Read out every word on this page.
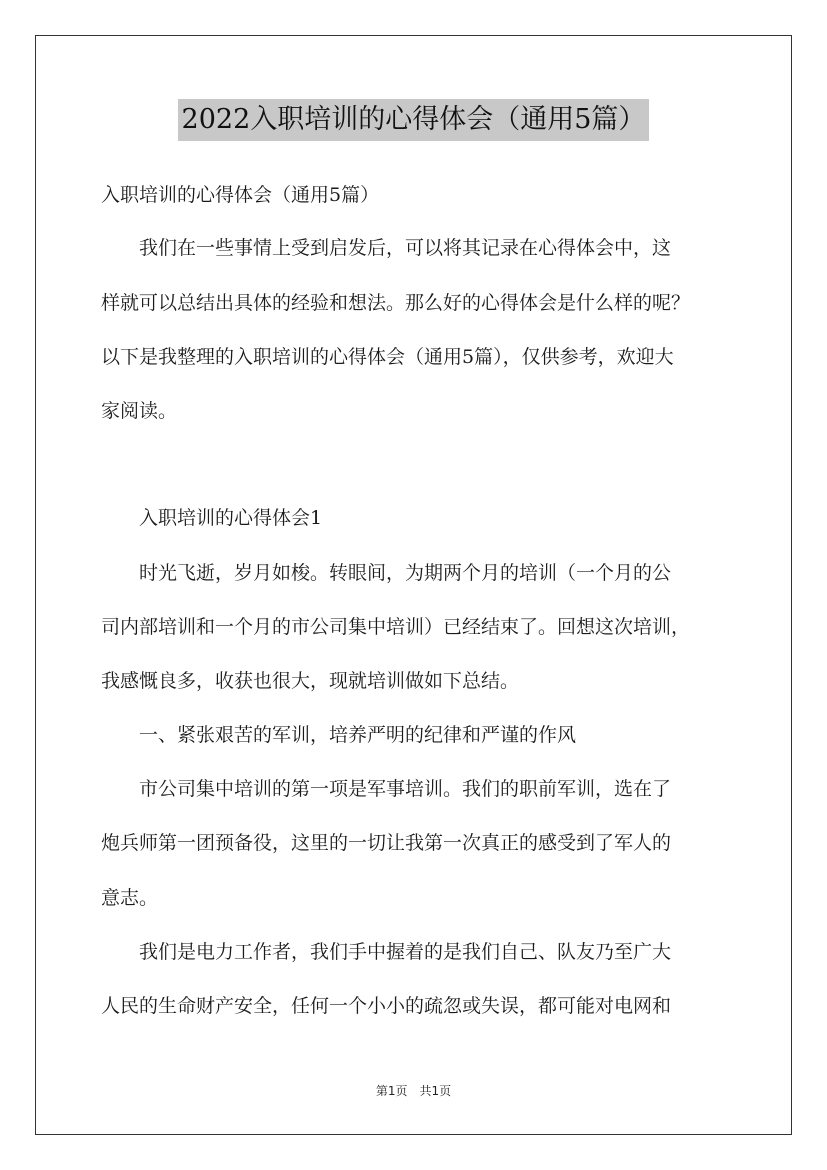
2022入职培训的心得体会（通用5篇）
入职培训的心得体会（通用5篇）
　　我们在一些事情上受到启发后，可以将其记录在心得体会中，这
样就可以总结出具体的经验和想法。那么好的心得体会是什么样的呢？
以下是我整理的入职培训的心得体会（通用5篇），仅供参考，欢迎大
家阅读。
　　入职培训的心得体会1
　　时光飞逝，岁月如梭。转眼间，为期两个月的培训（一个月的公
司内部培训和一个月的市公司集中培训）已经结束了。回想这次培训，
我感慨良多，收获也很大，现就培训做如下总结。
　　一、紧张艰苦的军训，培养严明的纪律和严谨的作风
　　市公司集中培训的第一项是军事培训。我们的职前军训，选在了
炮兵师第一团预备役，这里的一切让我第一次真正的感受到了军人的
意志。
　　我们是电力工作者，我们手中握着的是我们自己、队友乃至广大
人民的生命财产安全，任何一个小小的疏忽或失误，都可能对电网和
第1页　共1页
